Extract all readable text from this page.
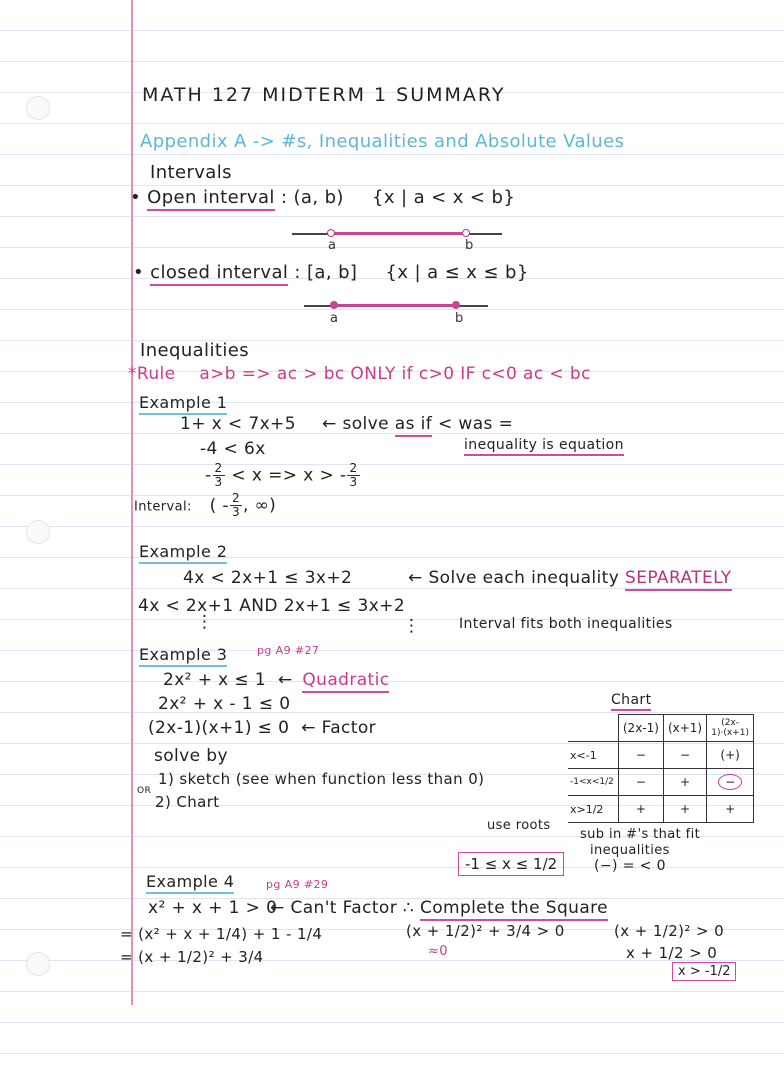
MATH 127 MIDTERM 1 SUMMARY
Appendix A -> #s, Inequalities and Absolute Values
Intervals
• Open interval : (a, b) {x | a < x < b}
a	b
• closed interval : [a, b] {x | a ≤ x ≤ b}
a	b
Inequalities
*Rule a>b => ac > bc ONLY if c>0 IF c<0 ac < bc
Example 1
1+ x < 7x+5 ← solve as if < was =
inequality is equation
-4 < 6x
- $\frac{2}{3} < x => x$ > - $\frac{2}{3}$
Interval: ( - $\frac{2}{3}$ , ∞)
Example 2
4x < 2x+1 ≤ 3x+2	← Solve each inequality SEPARATELY
4x < 2x+1 AND 2x+1 ≤ 3x+2
⋮	⋮	Interval fits both inequalities
Example 3	pg A9 #27
2x² + x ≤ 1 ← Quadratic
2x² + x - 1 ≤ 0
(2x-1)(x+1) ≤ 0 ← Factor
solve by
1) sketch (see when function less than 0)
OR
2) Chart
Chart
	(2x-1)	(x+1)	(2x-1)·(x+1)
x<-1	−	−	(+)
-1<x<1/2	−	+	−
x>1/2	+	+	+
use roots
sub in #'s that fit
inequalities
(−) = < 0
-1 ≤ x ≤ 1/2
Example 4	pg A9 #29
x² + x + 1 > 0
← Can't Factor ∴ Complete the Square
= (x² + x + 1/4) + 1 - 1/4
= (x + 1/2)² + 3/4
(x + 1/2)² + 3/4 > 0
≈0
(x + 1/2)² > 0
x + 1/2 > 0
x > -1/2
